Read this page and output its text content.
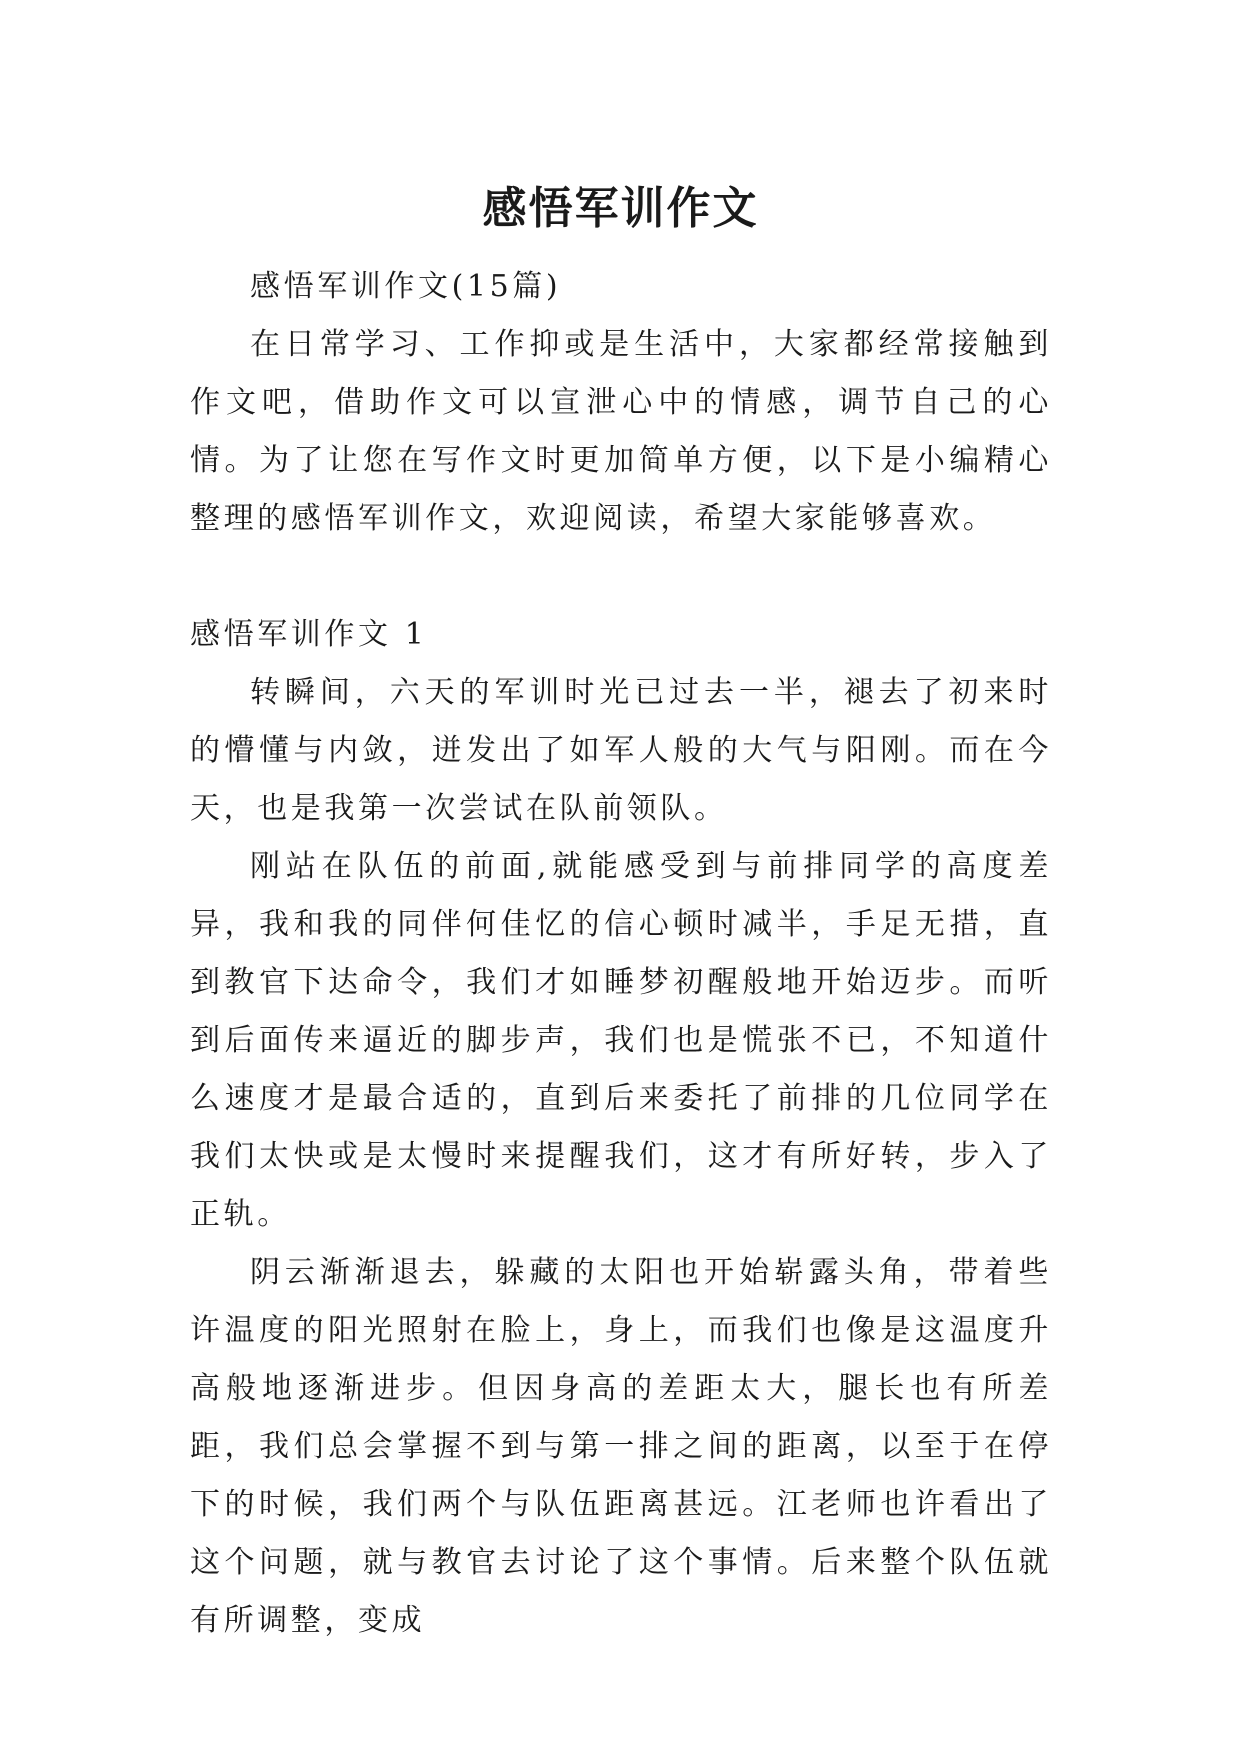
感悟军训作文

感悟军训作文(15篇)

在日常学习、工作抑或是生活中，大家都经常接触到作文吧，借助作文可以宣泄心中的情感，调节自己的心情。为了让您在写作文时更加简单方便，以下是小编精心整理的感悟军训作文，欢迎阅读，希望大家能够喜欢。

感悟军训作文 1

转瞬间，六天的军训时光已过去一半，褪去了初来时的懵懂与内敛，迸发出了如军人般的大气与阳刚。而在今天，也是我第一次尝试在队前领队。

刚站在队伍的前面,就能感受到与前排同学的高度差异，我和我的同伴何佳忆的信心顿时减半，手足无措，直到教官下达命令，我们才如睡梦初醒般地开始迈步。而听到后面传来逼近的脚步声，我们也是慌张不已，不知道什么速度才是最合适的，直到后来委托了前排的几位同学在我们太快或是太慢时来提醒我们，这才有所好转，步入了正轨。

阴云渐渐退去，躲藏的太阳也开始崭露头角，带着些许温度的阳光照射在脸上，身上，而我们也像是这温度升高般地逐渐进步。但因身高的差距太大，腿长也有所差距，我们总会掌握不到与第一排之间的距离，以至于在停下的时候，我们两个与队伍距离甚远。江老师也许看出了这个问题，就与教官去讨论了这个事情。后来整个队伍就有所调整，变成
